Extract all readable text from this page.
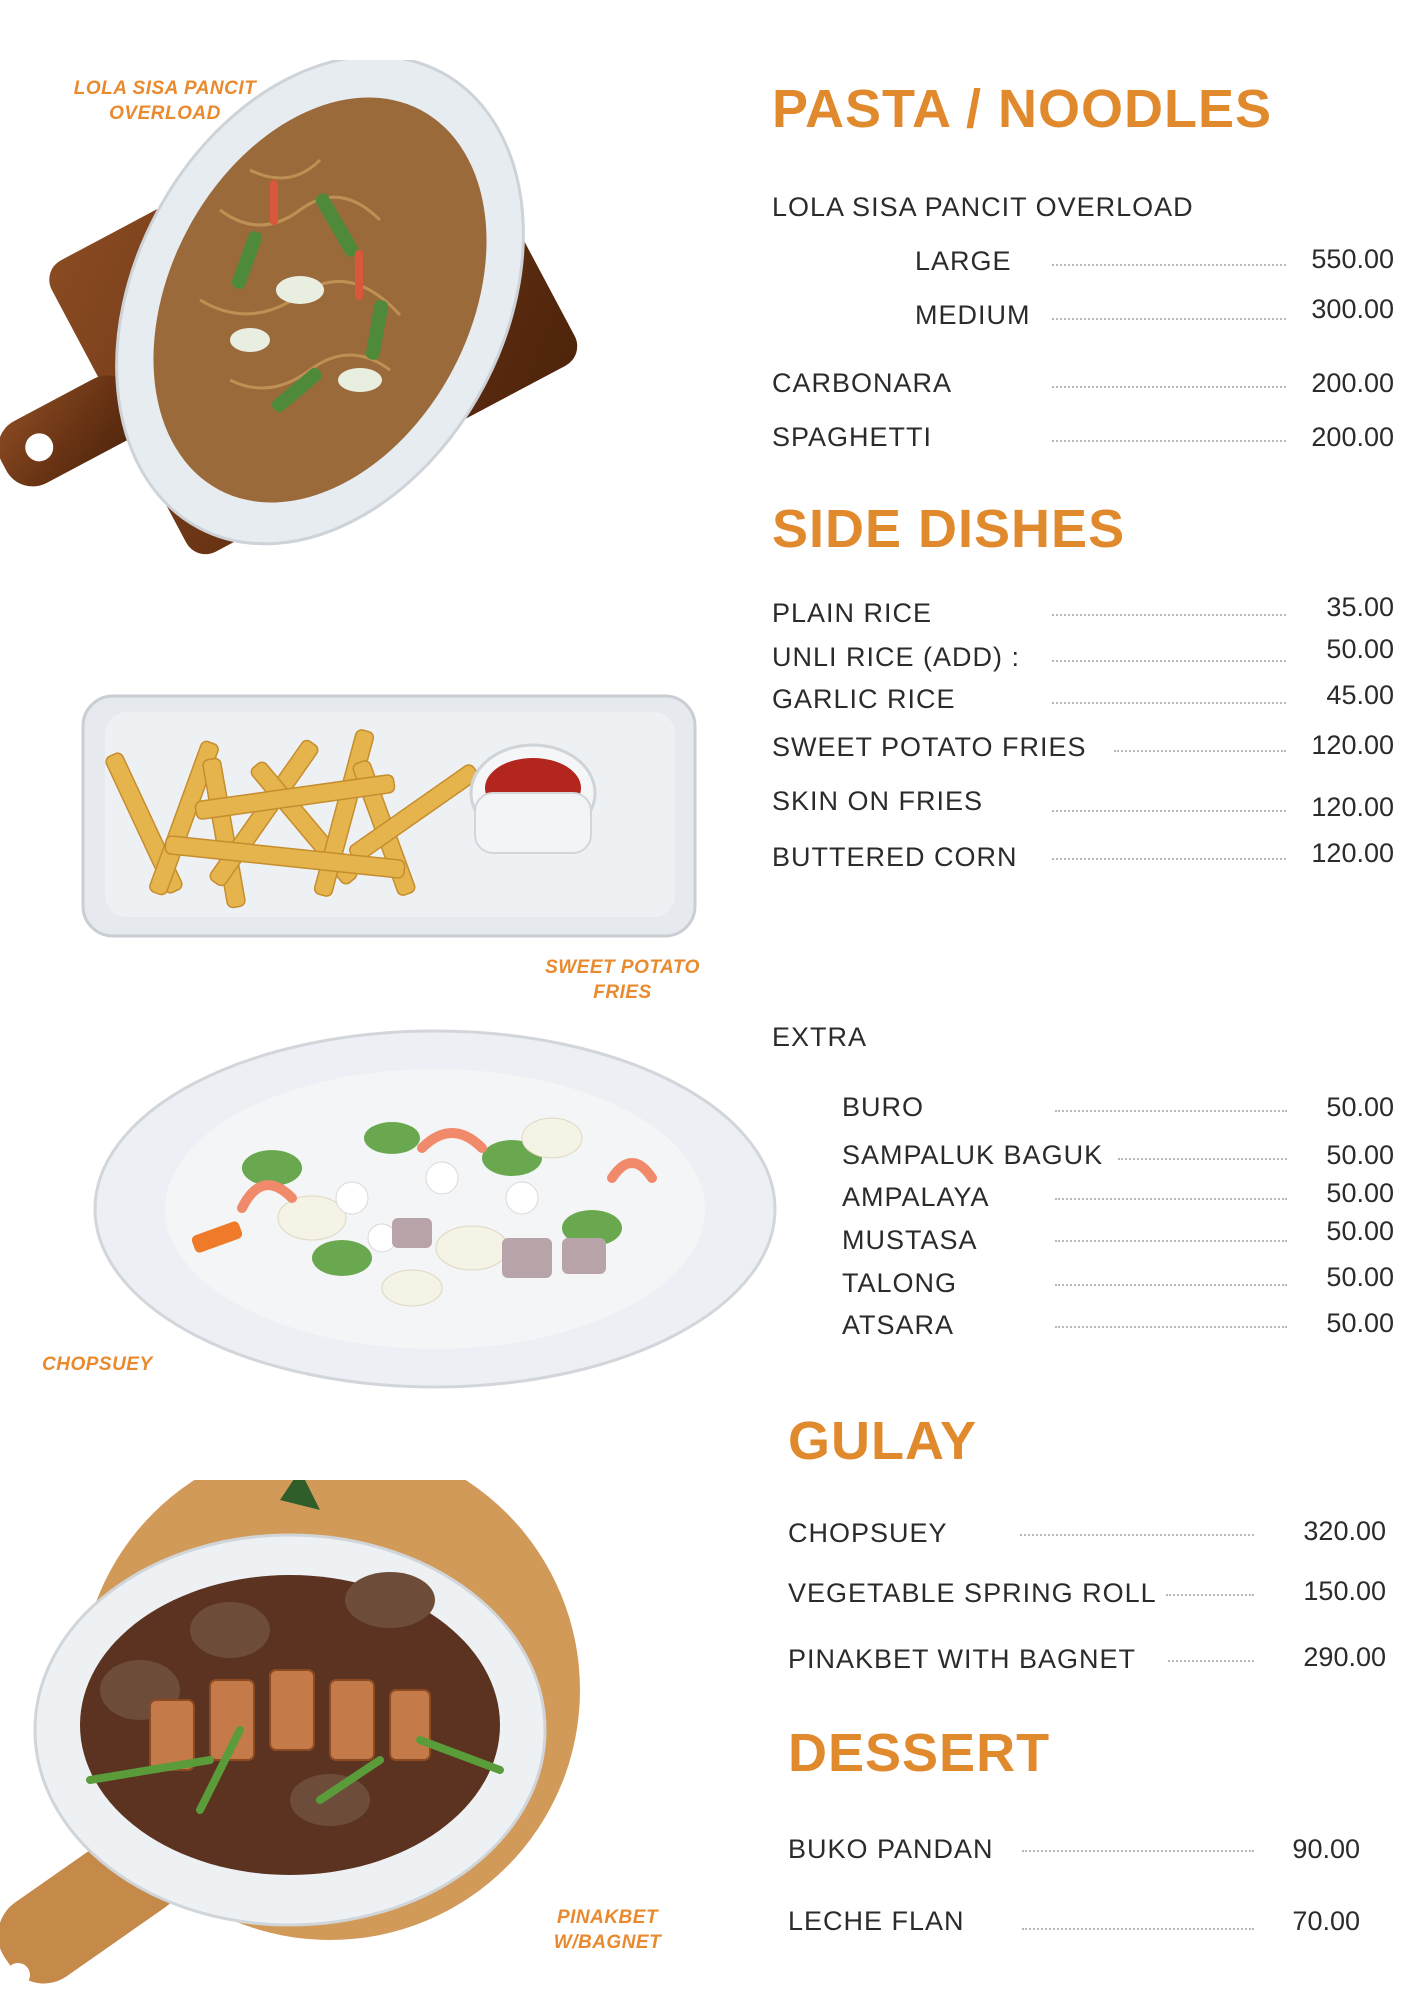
LOLA SISA PANCIT
OVERLOAD
SWEET POTATO
FRIES
CHOPSUEY
PINAKBET
W/BAGNET
PASTA / NOODLES
LOLA SISA PANCIT OVERLOAD
LARGE	550.00
MEDIUM	300.00
CARBONARA	200.00
SPAGHETTI	200.00
SIDE DISHES
PLAIN RICE	35.00
UNLI RICE (ADD) :	50.00
GARLIC RICE	45.00
SWEET POTATO FRIES	120.00
SKIN ON FRIES	120.00
BUTTERED CORN	120.00
EXTRA
BURO	50.00
SAMPALUK BAGUK	50.00
AMPALAYA	50.00
MUSTASA	50.00
TALONG	50.00
ATSARA	50.00
GULAY
CHOPSUEY	320.00
VEGETABLE SPRING ROLL	150.00
PINAKBET WITH BAGNET	290.00
DESSERT
BUKO PANDAN	90.00
LECHE FLAN	70.00
